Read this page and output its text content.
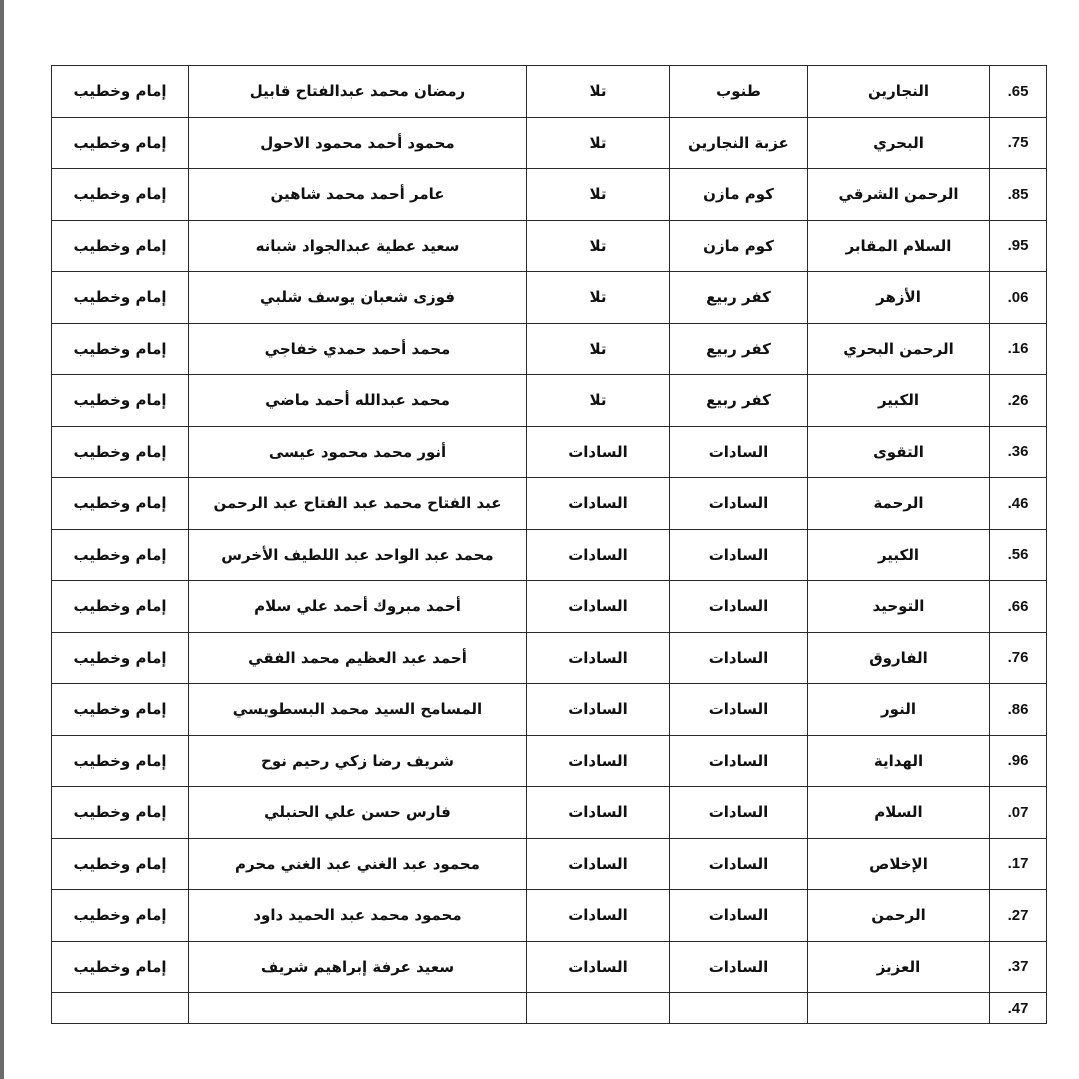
إمام وخطيب	رمضان محمد عبدالفتاح قابيل	تلا	طنوب	النجارين	.65
إمام وخطيب	محمود أحمد محمود الاحول	تلا	عزبة النجارين	البحري	.75
إمام وخطيب	عامر أحمد محمد شاهين	تلا	كوم مازن	الرحمن الشرقي	.85
إمام وخطيب	سعيد عطية عبدالجواد شبانه	تلا	كوم مازن	السلام المقابر	.95
إمام وخطيب	فوزى شعبان يوسف شلبي	تلا	كفر ربيع	الأزهر	.06
إمام وخطيب	محمد أحمد حمدي خفاجي	تلا	كفر ربيع	الرحمن البحري	.16
إمام وخطيب	محمد عبدالله أحمد ماضي	تلا	كفر ربيع	الكبير	.26
إمام وخطيب	أنور محمد محمود عيسى	السادات	السادات	التقوى	.36
إمام وخطيب	عبد الفتاح محمد عبد الفتاح عبد الرحمن	السادات	السادات	الرحمة	.46
إمام وخطيب	محمد عبد الواحد عبد اللطيف الأخرس	السادات	السادات	الكبير	.56
إمام وخطيب	أحمد مبروك أحمد علي سلام	السادات	السادات	التوحيد	.66
إمام وخطيب	أحمد عبد العظيم محمد الفقي	السادات	السادات	الفاروق	.76
إمام وخطيب	المسامح السيد محمد البسطويسي	السادات	السادات	النور	.86
إمام وخطيب	شريف رضا زكي رحيم نوح	السادات	السادات	الهداية	.96
إمام وخطيب	فارس حسن علي الحنبلي	السادات	السادات	السلام	.07
إمام وخطيب	محمود عبد الغني عبد الغني محرم	السادات	السادات	الإخلاص	.17
إمام وخطيب	محمود محمد عبد الحميد داود	السادات	السادات	الرحمن	.27
إمام وخطيب	سعيد عرفة إبراهيم شريف	السادات	السادات	العزيز	.37
					.47
